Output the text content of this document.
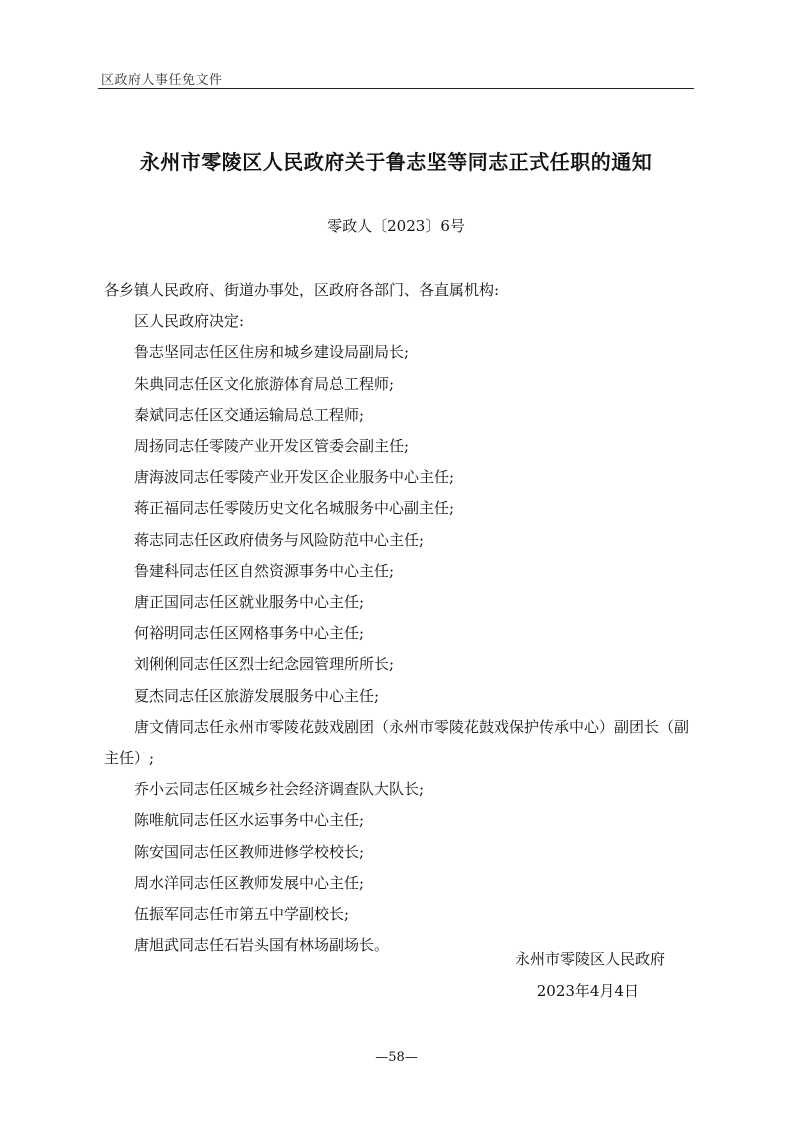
区政府人事任免文件
永州市零陵区人民政府关于鲁志坚等同志正式任职的通知
零政人〔2023〕6号
各乡镇人民政府、街道办事处，区政府各部门、各直属机构:
区人民政府决定:
鲁志坚同志任区住房和城乡建设局副局长;
朱典同志任区文化旅游体育局总工程师;
秦斌同志任区交通运输局总工程师;
周扬同志任零陵产业开发区管委会副主任;
唐海波同志任零陵产业开发区企业服务中心主任;
蒋正福同志任零陵历史文化名城服务中心副主任;
蒋志同志任区政府债务与风险防范中心主任;
鲁建科同志任区自然资源事务中心主任;
唐正国同志任区就业服务中心主任;
何裕明同志任区网格事务中心主任;
刘俐俐同志任区烈士纪念园管理所所长;
夏杰同志任区旅游发展服务中心主任;
唐文倩同志任永州市零陵花鼓戏剧团（永州市零陵花鼓戏保护传承中心）副团长（副主任）;
乔小云同志任区城乡社会经济调查队大队长;
陈唯航同志任区水运事务中心主任;
陈安国同志任区教师进修学校校长;
周水洋同志任区教师发展中心主任;
伍振军同志任市第五中学副校长;
唐旭武同志任石岩头国有林场副场长。
永州市零陵区人民政府
2023年4月4日
—58—
